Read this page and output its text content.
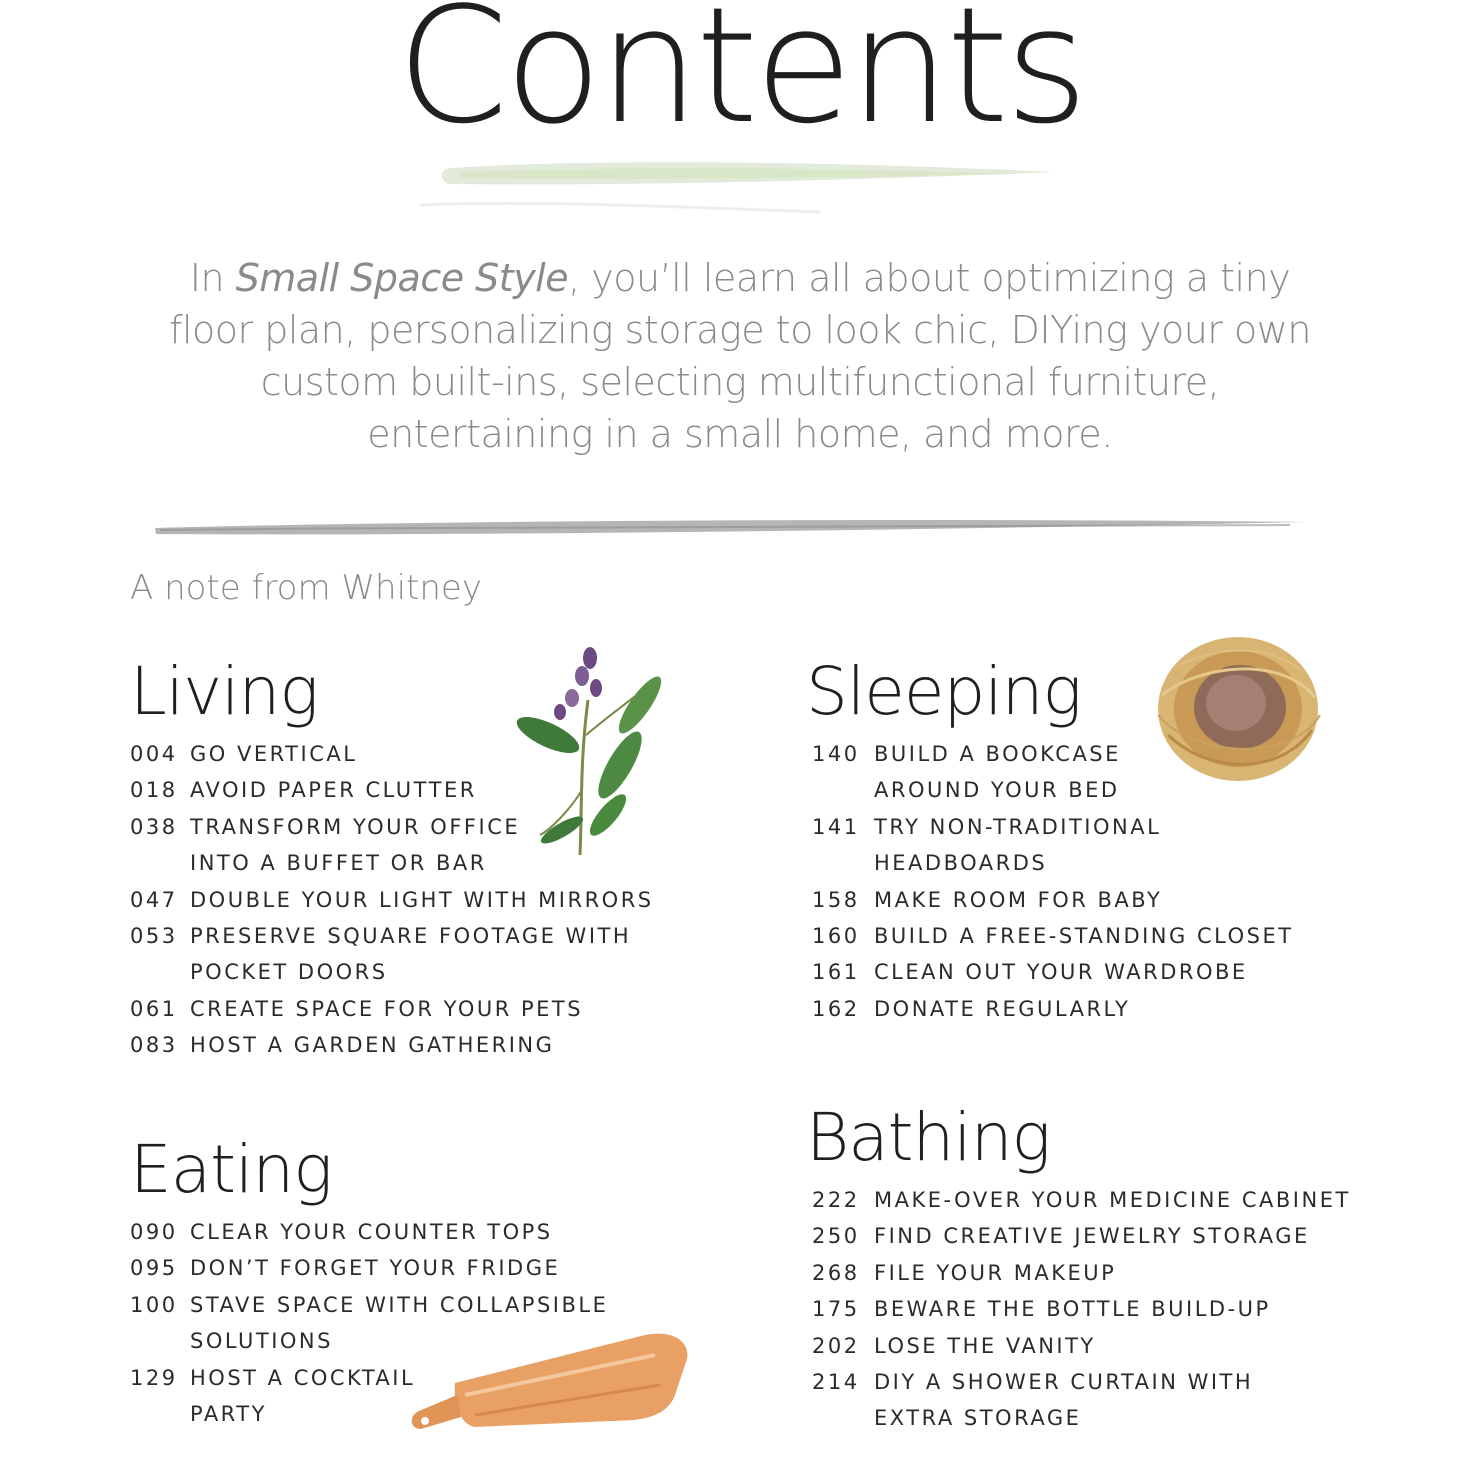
Contents
In Small Space Style, you’ll learn all about optimizing a tiny floor plan, personalizing storage to look chic, DIYing your own custom built-ins, selecting multifunctional furniture, entertaining in a small home, and more.
A note from Whitney
Living
004 GO VERTICAL
018 AVOID PAPER CLUTTER
038 TRANSFORM YOUR OFFICE
INTO A BUFFET OR BAR
047 DOUBLE YOUR LIGHT WITH MIRRORS
053 PRESERVE SQUARE FOOTAGE WITH
POCKET DOORS
061 CREATE SPACE FOR YOUR PETS
083 HOST A GARDEN GATHERING
Eating
090 CLEAR YOUR COUNTER TOPS
095 DON’T FORGET YOUR FRIDGE
100 STAVE SPACE WITH COLLAPSIBLE
SOLUTIONS
129 HOST A COCKTAIL
PARTY
Sleeping
140 BUILD A BOOKCASE
AROUND YOUR BED
141 TRY NON-TRADITIONAL
HEADBOARDS
158 MAKE ROOM FOR BABY
160 BUILD A FREE-STANDING CLOSET
161 CLEAN OUT YOUR WARDROBE
162 DONATE REGULARLY
Bathing
222 MAKE-OVER YOUR MEDICINE CABINET
250 FIND CREATIVE JEWELRY STORAGE
268 FILE YOUR MAKEUP
175 BEWARE THE BOTTLE BUILD-UP
202 LOSE THE VANITY
214 DIY A SHOWER CURTAIN WITH
EXTRA STORAGE
